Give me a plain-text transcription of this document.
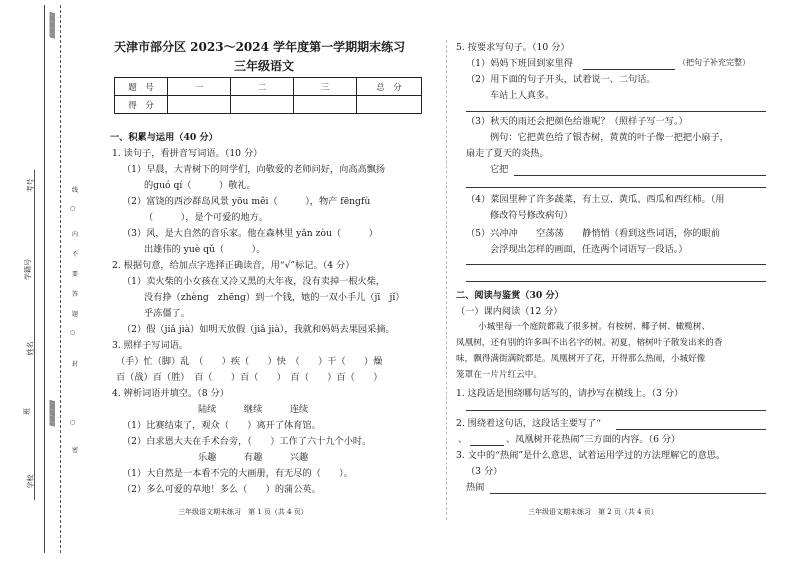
/////////////////////////
/////////////////////////
考号
学籍号
姓名
班
学校
线
内
不
要
答
题
封
密
○
○
○
天津市部分区 2023～2024 学年度第一学期期末练习
三年级语文
题　号	一	二	三	总　分
得　分				
一、积累与运用（40 分）
1. 读句子，看拼音写词语。（10 分）
（1）早晨，大青树下的同学们，向敬爱的老师问好，向高高飘扬
的guó qí（　　　）敬礼。
（2）富饶的西沙群岛风景 yōu měi（　　　），物产 fēngfù
（　　　），是个可爱的地方。
（3）风，是大自然的音乐家。他在森林里 yǎn zòu（　　　）
出雄伟的 yuè qǔ（　　　）。
2. 根据句意，给加点字选择正确读音，用“√”标记。（4 分）
（1）卖火柴的小女孩在又冷又黑的大年夜，没有卖掉一根火柴，
没有挣（zhèng　zhēng）到一个钱，她的一双小手儿（jī　jǐ）
乎冻僵了。
（2）假（jiǎ jià）如明天放假（jiǎ jià），我就和妈妈去果园采摘。
3. 照样子写词语。
（手）忙（脚）乱　（　　）疾（　　）快　（　　）干（　　）燥
百（战）百（胜）　百（　　）百（　　）　百（　　）百（　　）
4. 辨析词语并填空。（8 分）
陆续　　　继续　　　连续
（1）比赛结束了，观众（　　）离开了体育馆。
（2）白求恩大夫在手术台旁，（　　）工作了六十九个小时。
乐趣　　　有趣　　　兴趣
（1）大自然是一本看不完的大画册，有无尽的（　　）。
（2）多么可爱的草地！多么（　　）的蒲公英。
三年级语文期末练习　第 1 页（共 4 页）
5. 按要求写句子。（10 分）
（1）妈妈下班回到家里得	（把句子补充完整）
（2）用下面的句子开头，试着说一、二句话。
车站上人真多。
（3）秋天的雨还会把颜色给谁呢？（照样子写一写。）
例句：它把黄色给了银杏树，黄黄的叶子像一把把小扇子，
扇走了夏天的炎热。
它把
（4）菜园里种了许多蔬菜，有土豆、黄瓜、西瓜和西红柿。（用
修改符号修改病句）
（5）兴冲冲　　空荡荡　　静悄悄（看到这些词语，你的眼前
会浮现出怎样的画面，任选两个词语写一段话。）
二、阅读与鉴赏（30 分）
（一）课内阅读（12 分）
小城里每一个庭院都栽了很多树。有桉树、椰子树、橄榄树、
凤凰树，还有别的许多叫不出名字的树。初夏，榕树叶子散发出来的香
味，飘得满街满院都是。凤凰树开了花，开得那么热闹，小城好像
笼罩在一片片红云中。
1. 这段话是围绕哪句话写的，请抄写在横线上。（3 分）
2. 围绕着这句话，这段话主要写了“
、	、凤凰树开花热闹”三方面的内容。（6 分）
3. 文中的“热闹”是什么意思，试着运用学过的方法理解它的意思。
（3 分）
热闹
三年级语文期末练习　第 2 页（共 4 页）
